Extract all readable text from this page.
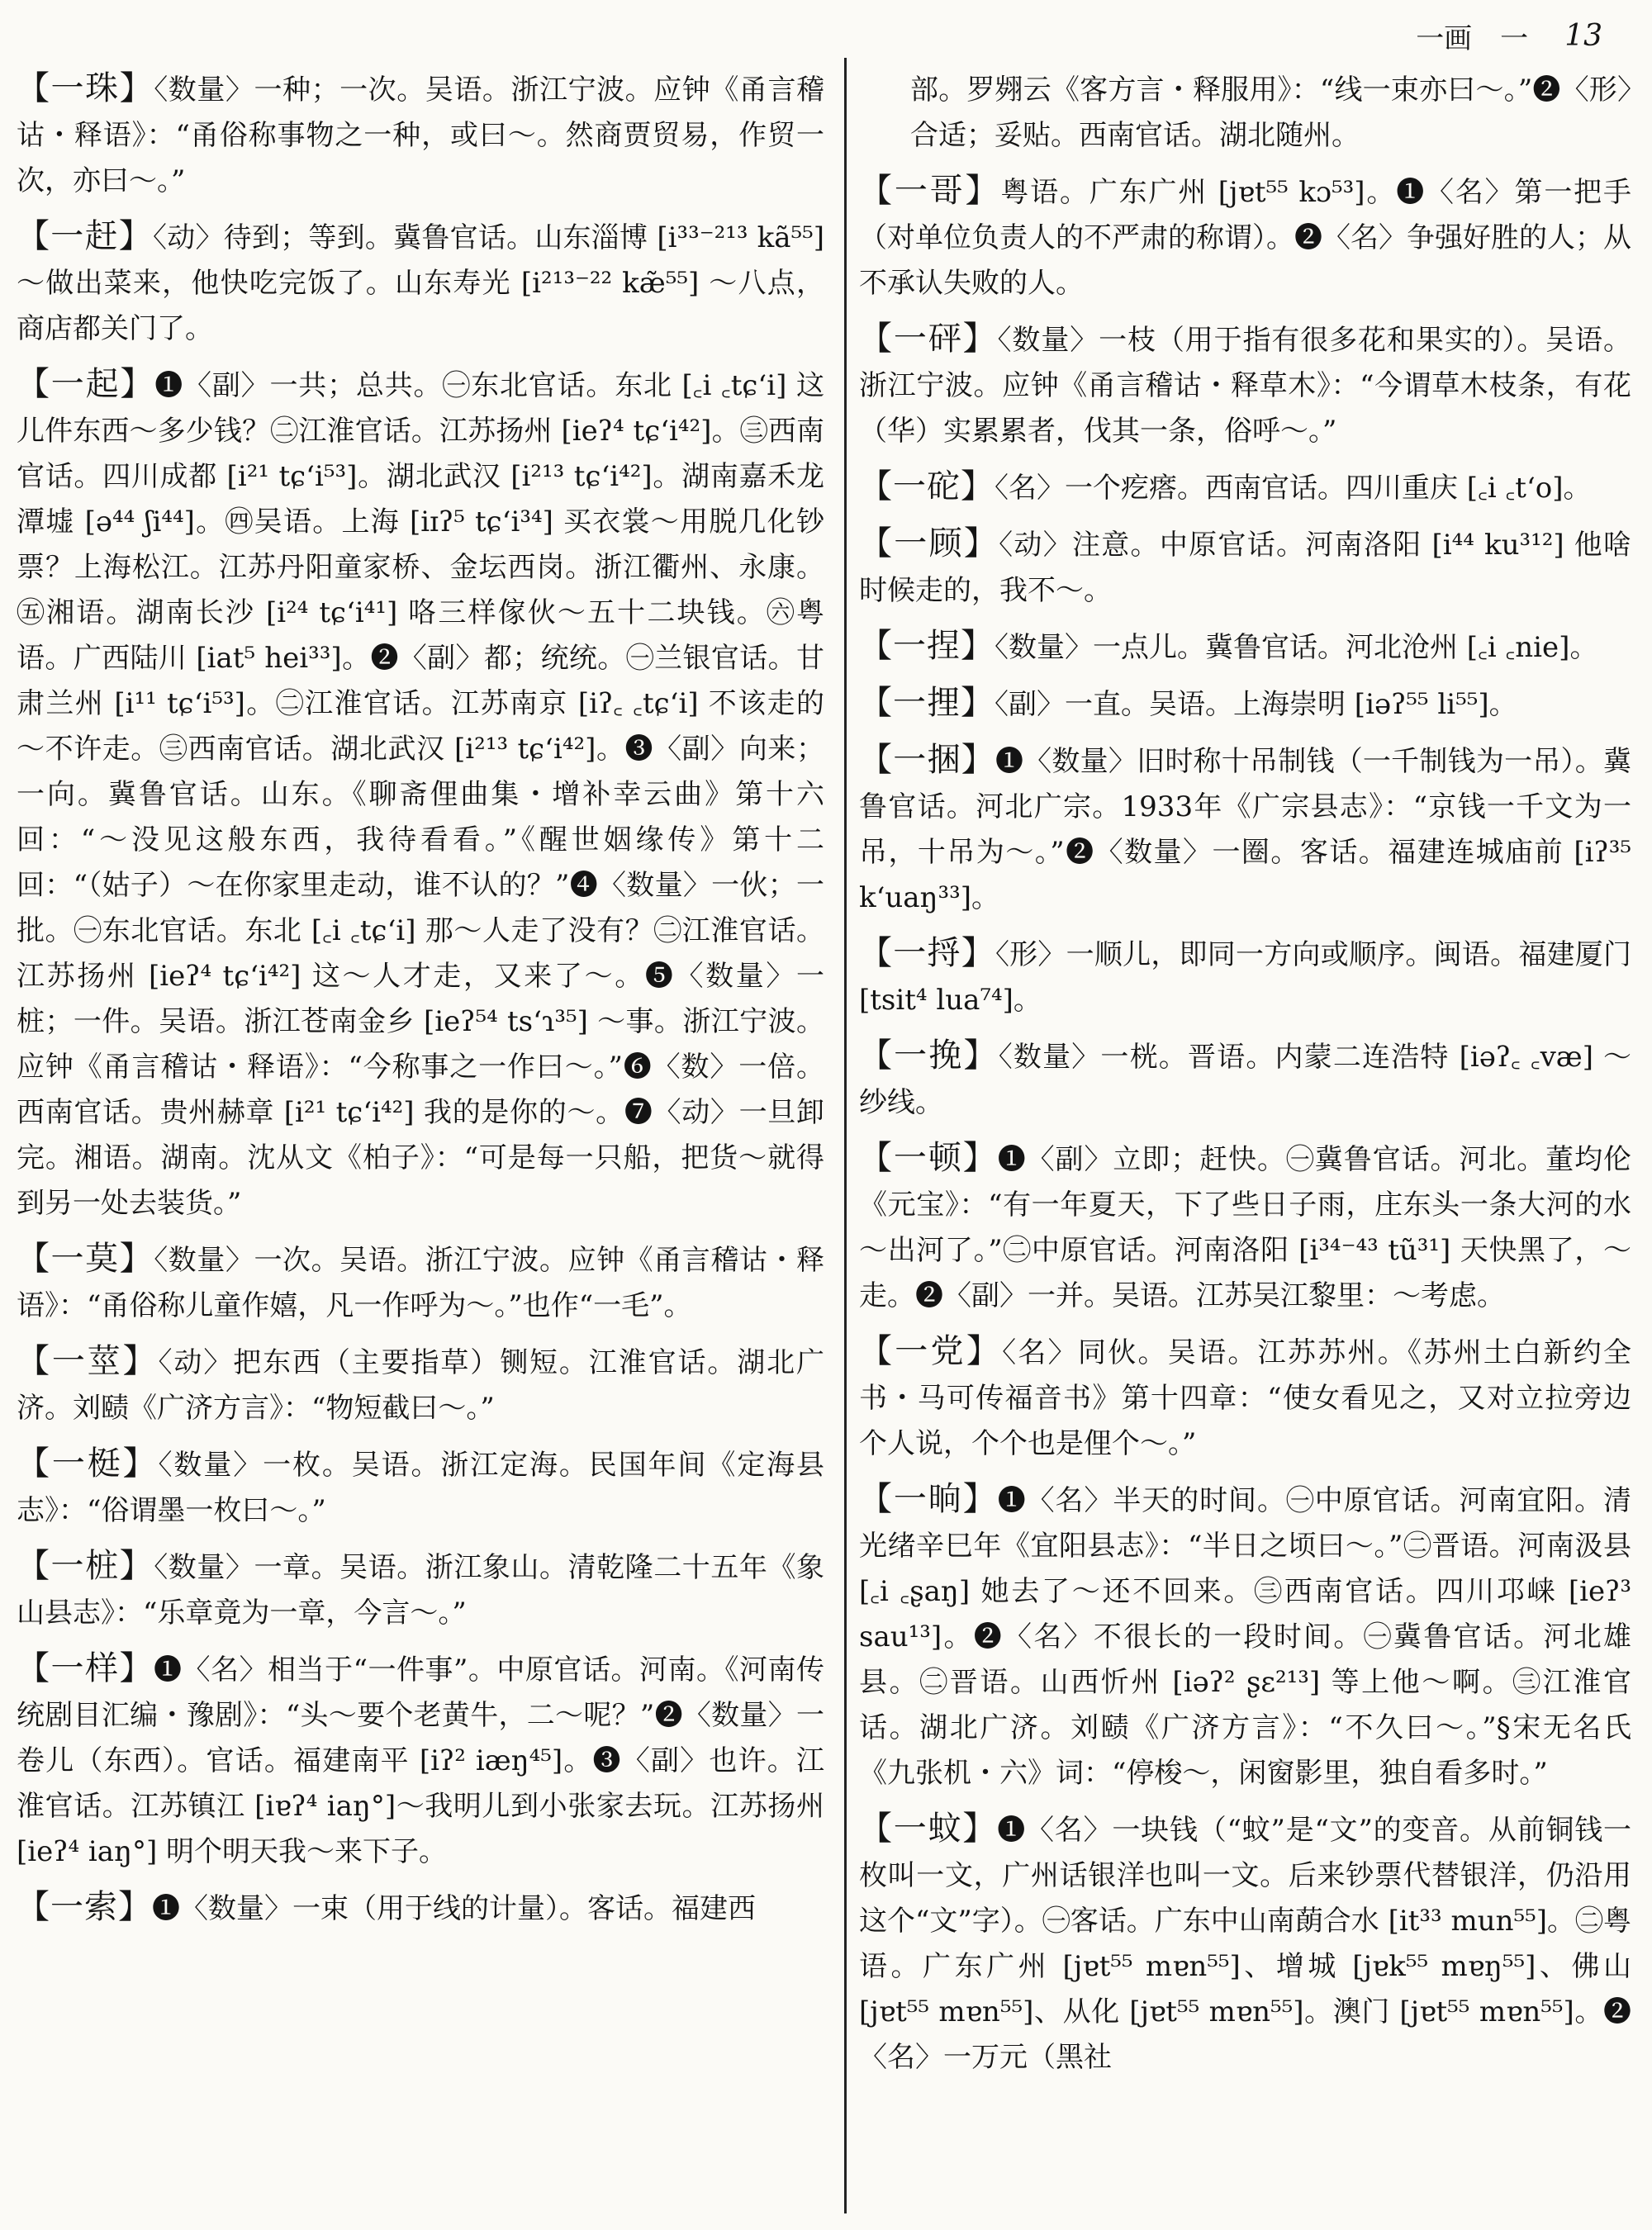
一画　一 13

【一珠】〈数量〉一种；一次。吴语。浙江宁波。应钟《甬言稽诂・释语》：“甬俗称事物之一种，或曰～。然商贾贸易，作贸一次，亦曰～。”

【一赶】〈动〉待到；等到。冀鲁官话。山东淄博 [i³³⁻²¹³ kã⁵⁵] ～做出菜来，他快吃完饭了。山东寿光 [i²¹³⁻²² kæ̃⁵⁵] ～八点，商店都关门了。

【一起】❶〈副〉一共；总共。㊀东北官话。东北 [꜀i ꜀tɕʻi] 这儿件东西～多少钱？㊁江淮官话。江苏扬州 [ieʔ⁴ tɕʻi⁴²]。㊂西南官话。四川成都 [i²¹ tɕʻi⁵³]。湖北武汉 [i²¹³ tɕʻi⁴²]。湖南嘉禾龙潭墟 [ə⁴⁴ ʃi⁴⁴]。㊃吴语。上海 [iɪʔ⁵ tɕʻi³⁴] 买衣裳～用脱几化钞票？上海松江。江苏丹阳童家桥、金坛西岗。浙江衢州、永康。㊄湘语。湖南长沙 [i²⁴ tɕʻi⁴¹] 咯三样傢伙～五十二块钱。㊅粤语。广西陆川 [iat⁵ hei³³]。❷〈副〉都；统统。㊀兰银官话。甘肃兰州 [i¹¹ tɕʻi⁵³]。㊁江淮官话。江苏南京 [iʔ꜀ ꜀tɕʻi] 不该走的～不许走。㊂西南官话。湖北武汉 [i²¹³ tɕʻi⁴²]。❸〈副〉向来；一向。冀鲁官话。山东。《聊斋俚曲集・增补幸云曲》第十六回：“～没见这般东西，我待看看。”《醒世姻缘传》第十二回：“（姑子）～在你家里走动，谁不认的？”❹〈数量〉一伙；一批。㊀东北官话。东北 [꜀i ꜀tɕʻi] 那～人走了没有？㊁江淮官话。江苏扬州 [ieʔ⁴ tɕʻi⁴²] 这～人才走，又来了～。❺〈数量〉一桩；一件。吴语。浙江苍南金乡 [ieʔ⁵⁴ tsʻɿ³⁵] ～事。浙江宁波。应钟《甬言稽诂・释语》：“今称事之一作曰～。”❻〈数〉一倍。西南官话。贵州赫章 [i²¹ tɕʻi⁴²] 我的是你的～。❼〈动〉一旦卸完。湘语。湖南。沈从文《柏子》：“可是每一只船，把货～就得到另一处去装货。”

【一莫】〈数量〉一次。吴语。浙江宁波。应钟《甬言稽诂・释语》：“甬俗称儿童作嬉，凡一作呼为～。”也作“一毛”。

【一莖】〈动〉把东西（主要指草）铡短。江淮官话。湖北广济。刘赜《广济方言》：“物短截曰～。”

【一梃】〈数量〉一枚。吴语。浙江定海。民国年间《定海县志》：“俗谓墨一枚曰～。”

【一桩】〈数量〉一章。吴语。浙江象山。清乾隆二十五年《象山县志》：“乐章竟为一章，今言～。”

【一样】❶〈名〉相当于“一件事”。中原官话。河南。《河南传统剧目汇编・豫剧》：“头～要个老黄牛，二～呢？”❷〈数量〉一卷儿（东西）。官话。福建南平 [iʔ² iæŋ⁴⁵]。❸〈副〉也许。江淮官话。江苏镇江 [iɐʔ⁴ iaŋ°]～我明儿到小张家去玩。江苏扬州 [ieʔ⁴ iaŋ°] 明个明天我～来下子。

【一索】❶〈数量〉一束（用于线的计量）。客话。福建西

部。罗翙云《客方言・释服用》：“线一束亦曰～。”❷〈形〉合适；妥贴。西南官话。湖北随州。

【一哥】粤语。广东广州 [jɐt⁵⁵ kɔ⁵³]。❶〈名〉第一把手（对单位负责人的不严肃的称谓）。❷〈名〉争强好胜的人；从不承认失败的人。

【一砰】〈数量〉一枝（用于指有很多花和果实的）。吴语。浙江宁波。应钟《甬言稽诂・释草木》：“今谓草木枝条，有花（华）实累累者，伐其一条，俗呼～。”

【一砣】〈名〉一个疙瘩。西南官话。四川重庆 [꜀i ꜀tʻo]。

【一顾】〈动〉注意。中原官话。河南洛阳 [i⁴⁴ ku³¹²] 他啥时候走的，我不～。

【一捏】〈数量〉一点儿。冀鲁官话。河北沧州 [꜀i ꜀nie]。

【一捚】〈副〉一直。吴语。上海崇明 [iəʔ⁵⁵ li⁵⁵]。

【一捆】❶〈数量〉旧时称十吊制钱（一千制钱为一吊）。冀鲁官话。河北广宗。1933年《广宗县志》：“京钱一千文为一吊，十吊为～。”❷〈数量〉一圈。客话。福建连城庙前 [iʔ³⁵ kʻuaŋ³³]。

【一捋】〈形〉一顺儿，即同一方向或顺序。闽语。福建厦门 [tsit⁴ lua⁷⁴]。

【一挽】〈数量〉一桄。晋语。内蒙二连浩特 [iəʔ꜀ ꜀væ] ～纱线。

【一顿】❶〈副〉立即；赶快。㊀冀鲁官话。河北。董均伦《元宝》：“有一年夏天，下了些日子雨，庄东头一条大河的水～出河了。”㊁中原官话。河南洛阳 [i³⁴⁻⁴³ tũ³¹] 天快黑了，～走。❷〈副〉一并。吴语。江苏吴江黎里：～考虑。

【一党】〈名〉同伙。吴语。江苏苏州。《苏州土白新约全书・马可传福音书》第十四章：“使女看见之，又对立拉旁边个人说，个个也是俚个～。”

【一晌】❶〈名〉半天的时间。㊀中原官话。河南宜阳。清光绪辛巳年《宜阳县志》：“半日之顷曰～。”㊁晋语。河南汲县 [꜀i ꜀ʂaŋ] 她去了～还不回来。㊂西南官话。四川邛崃 [ieʔ³ sau¹³]。❷〈名〉不很长的一段时间。㊀冀鲁官话。河北雄县。㊁晋语。山西忻州 [iəʔ² ʂɛ²¹³] 等上他～啊。㊂江淮官话。湖北广济。刘赜《广济方言》：“不久曰～。”§宋无名氏《九张机・六》词：“停梭～，闲窗影里，独自看多时。”

【一蚊】❶〈名〉一块钱（“蚊”是“文”的变音。从前铜钱一枚叫一文，广州话银洋也叫一文。后来钞票代替银洋，仍沿用这个“文”字）。㊀客话。广东中山南蓢合水 [it³³ mun⁵⁵]。㊁粤语。广东广州 [jɐt⁵⁵ mɐn⁵⁵]、增城 [jɐk⁵⁵ mɐŋ⁵⁵]、佛山 [jɐt⁵⁵ mɐn⁵⁵]、从化 [jɐt⁵⁵ mɐn⁵⁵]。澳门 [jɐt⁵⁵ mɐn⁵⁵]。❷〈名〉一万元（黑社
